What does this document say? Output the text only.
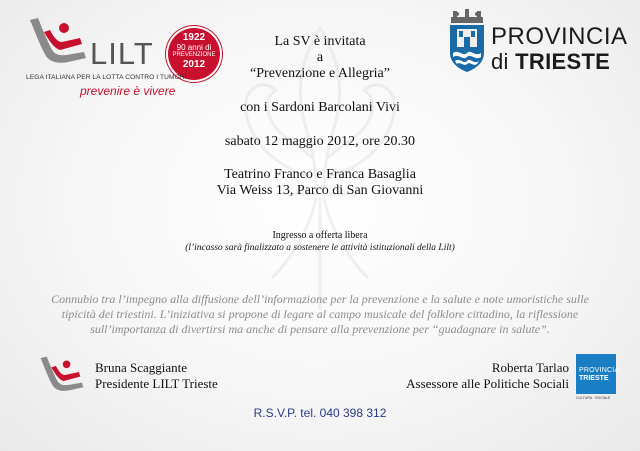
LILT	1922
90 anni di
PREVENZIONE
2012
LEGA ITALIANA PER LA LOTTA CONTRO I TUMORI
prevenire è vivere
PROVINCIA
di TRIESTE
La SV è invitata
a
“Prevenzione e Allegria”
con i Sardoni Barcolani Vivi
sabato 12 maggio 2012, ore 20.30
Teatrino Franco e Franca Basaglia
Via Weiss 13, Parco di San Giovanni
Ingresso a offerta libera
(l’incasso sarà finalizzato a sostenere le attività istituzionali della Lilt)
Connubio tra l’impegno alla diffusione dell’informazione per la prevenzione e la salute e note umoristiche sulle tipicità dei triestini. L’iniziativa si propone di legare al campo musicale del folklore cittadino, la riflessione sull’importanza di divertirsi ma anche di pensare alla prevenzione per “guadagnare in salute”.
Bruna Scaggiante
Presidente LILT Trieste
Roberta Tarlao
Assessore alle Politiche Sociali
PROVINCIA
TRIESTE
CULTURA · SOCIALE
R.S.V.P. tel. 040 398 312
